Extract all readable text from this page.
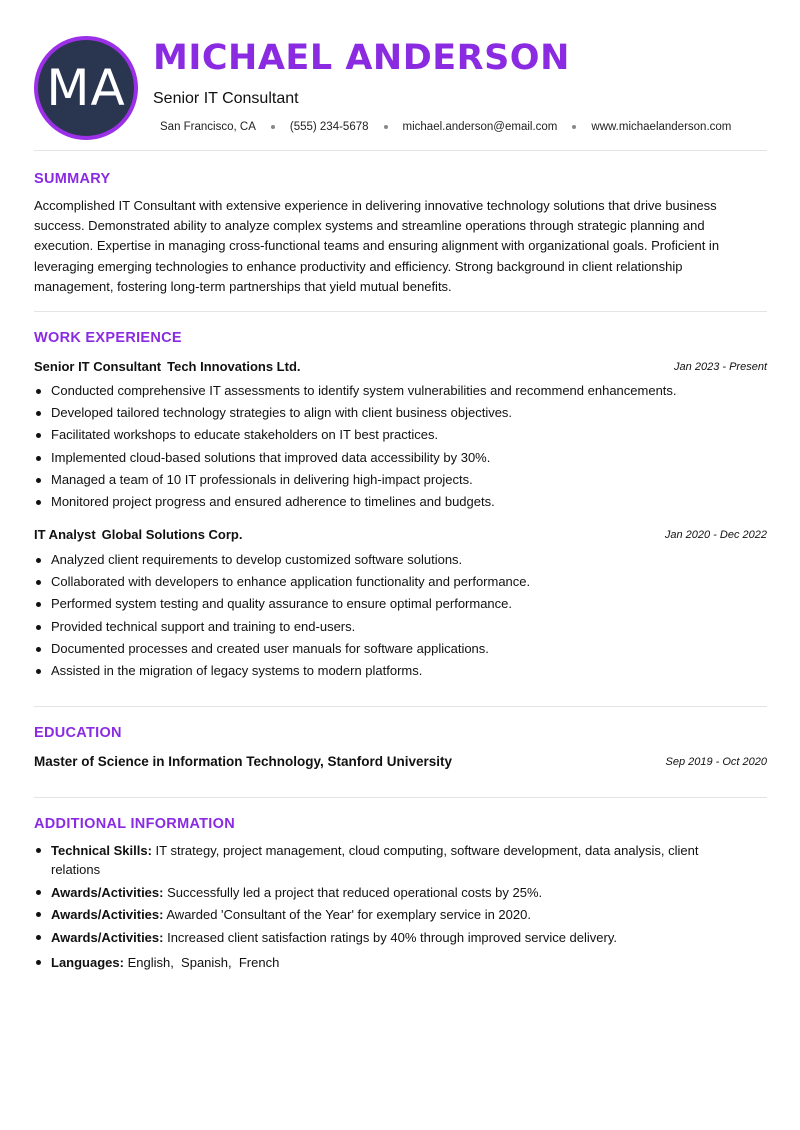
MA
MICHAEL ANDERSON
Senior IT Consultant
San Francisco, CA	(555) 234-5678	michael.anderson@email.com	www.michaelanderson.com
SUMMARY
Accomplished IT Consultant with extensive experience in delivering innovative technology solutions that drive business success. Demonstrated ability to analyze complex systems and streamline operations through strategic planning and execution. Expertise in managing cross-functional teams and ensuring alignment with organizational goals. Proficient in leveraging emerging technologies to enhance productivity and efficiency. Strong background in client relationship management, fostering long-term partnerships that yield mutual benefits.
WORK EXPERIENCE
Senior IT Consultant Tech Innovations Ltd.	Jan 2023 - Present
Conducted comprehensive IT assessments to identify system vulnerabilities and recommend enhancements.
Developed tailored technology strategies to align with client business objectives.
Facilitated workshops to educate stakeholders on IT best practices.
Implemented cloud-based solutions that improved data accessibility by 30%.
Managed a team of 10 IT professionals in delivering high-impact projects.
Monitored project progress and ensured adherence to timelines and budgets.
IT Analyst Global Solutions Corp.	Jan 2020 - Dec 2022
Analyzed client requirements to develop customized software solutions.
Collaborated with developers to enhance application functionality and performance.
Performed system testing and quality assurance to ensure optimal performance.
Provided technical support and training to end-users.
Documented processes and created user manuals for software applications.
Assisted in the migration of legacy systems to modern platforms.
EDUCATION
Master of Science in Information Technology, Stanford University	Sep 2019 - Oct 2020
ADDITIONAL INFORMATION
Technical Skills: IT strategy, project management, cloud computing, software development, data analysis, client relations
Awards/Activities: Successfully led a project that reduced operational costs by 25%.
Awards/Activities: Awarded 'Consultant of the Year' for exemplary service in 2020.
Awards/Activities: Increased client satisfaction ratings by 40% through improved service delivery.
Languages: English,  Spanish,  French
